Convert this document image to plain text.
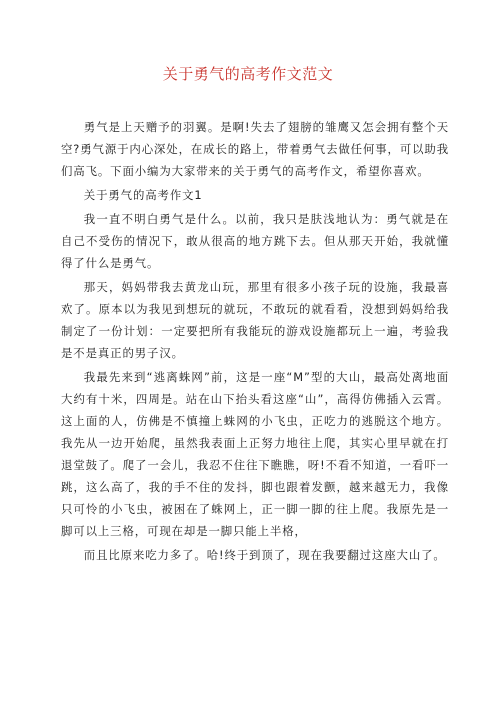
关于勇气的高考作文范文

勇气是上天赠予的羽翼。是啊!失去了翅膀的雏鹰又怎会拥有整个天空?勇气源于内心深处，在成长的路上，带着勇气去做任何事，可以助我们高飞。下面小编为大家带来的关于勇气的高考作文，希望你喜欢。

关于勇气的高考作文1

我一直不明白勇气是什么。以前，我只是肤浅地认为：勇气就是在自己不受伤的情况下，敢从很高的地方跳下去。但从那天开始，我就懂得了什么是勇气。

那天，妈妈带我去黄龙山玩，那里有很多小孩子玩的设施，我最喜欢了。原本以为我见到想玩的就玩，不敢玩的就看看，没想到妈妈给我制定了一份计划：一定要把所有我能玩的游戏设施都玩上一遍，考验我是不是真正的男子汉。

我最先来到“逃离蛛网”前，这是一座“M”型的大山，最高处离地面大约有十米，四周是。站在山下抬头看这座“山”，高得仿佛插入云霄。这上面的人，仿佛是不慎撞上蛛网的小飞虫，正吃力的逃脱这个地方。我先从一边开始爬，虽然我表面上正努力地往上爬，其实心里早就在打退堂鼓了。爬了一会儿，我忍不住往下瞧瞧，呀!不看不知道，一看吓一跳，这么高了，我的手不住的发抖，脚也跟着发颤，越来越无力，我像只可怜的小飞虫，被困在了蛛网上，正一脚一脚的往上爬。我原先是一脚可以上三格，可现在却是一脚只能上半格，

而且比原来吃力多了。哈!终于到顶了，现在我要翻过这座大山了。
